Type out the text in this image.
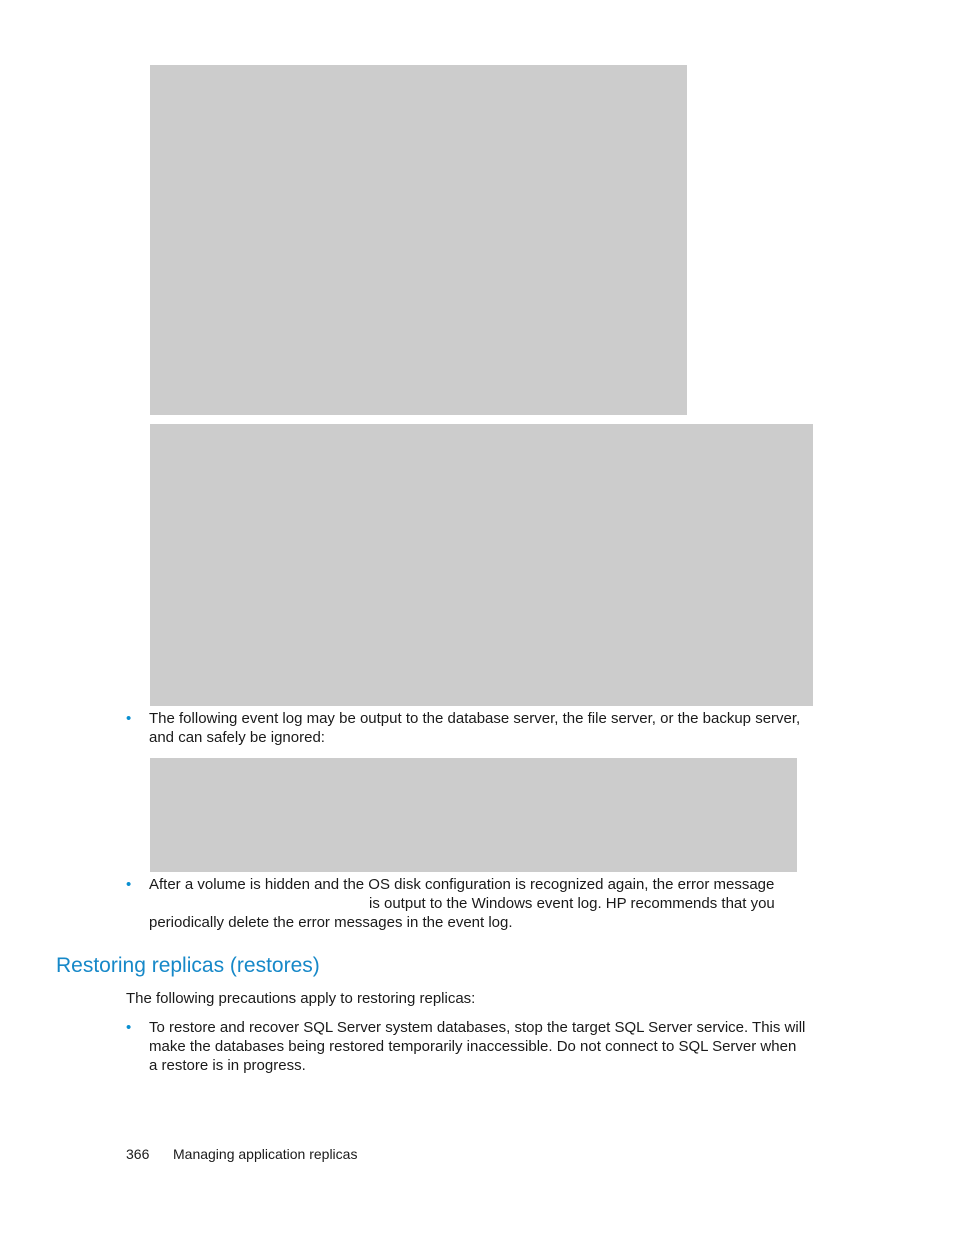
• The following event log may be output to the database server, the file server, or the backup server,
and can safely be ignored:
• After a volume is hidden and the OS disk configuration is recognized again, the error message
is output to the Windows event log. HP recommends that you
periodically delete the error messages in the event log.
Restoring replicas (restores)
The following precautions apply to restoring replicas:
• To restore and recover SQL Server system databases, stop the target SQL Server service. This will
make the databases being restored temporarily inaccessible. Do not connect to SQL Server when
a restore is in progress.
366 Managing application replicas
